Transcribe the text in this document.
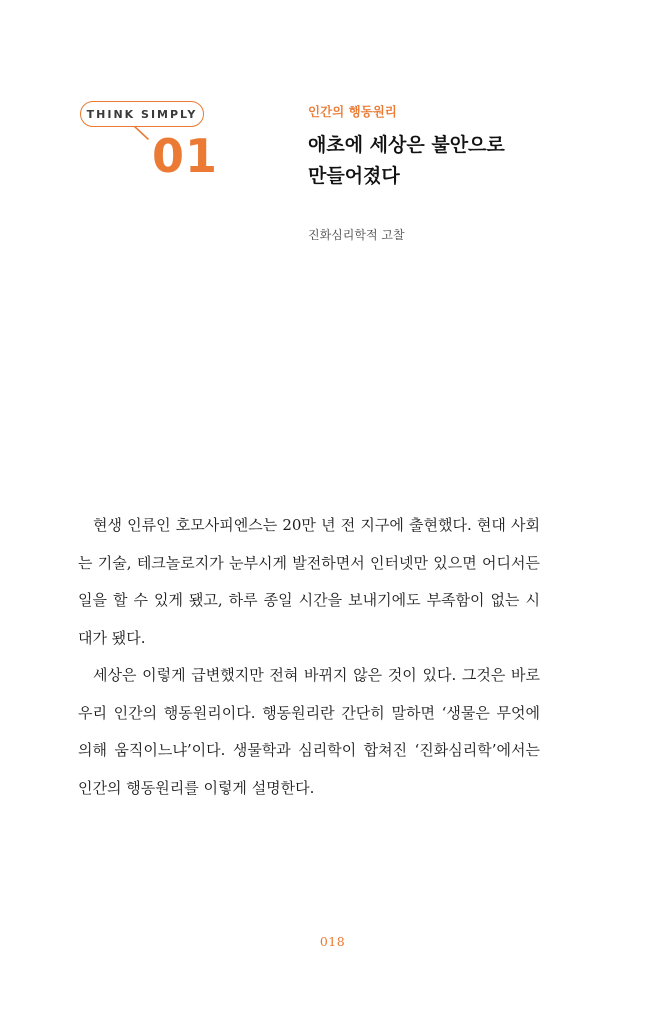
THINK SIMPLY
01
인간의 행동원리
애초에 세상은 불안으로
만들어졌다
진화심리학적 고찰

현생 인류인 호모사피엔스는 20만 년 전 지구에 출현했다. 현대 사회는 기술, 테크놀로지가 눈부시게 발전하면서 인터넷만 있으면 어디서든 일을 할 수 있게 됐고, 하루 종일 시간을 보내기에도 부족함이 없는 시대가 됐다.

세상은 이렇게 급변했지만 전혀 바뀌지 않은 것이 있다. 그것은 바로 우리 인간의 행동원리이다. 행동원리란 간단히 말하면 ‘생물은 무엇에 의해 움직이느냐’이다. 생물학과 심리학이 합쳐진 ‘진화심리학’에서는 인간의 행동원리를 이렇게 설명한다.

018
